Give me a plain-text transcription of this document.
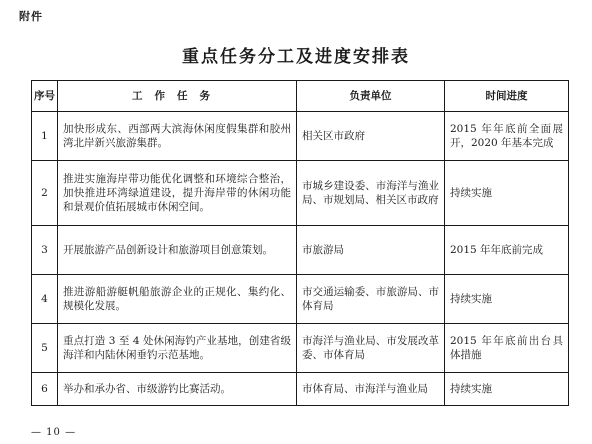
附件
重点任务分工及进度安排表
序号	工作任务	负责单位	时间进度
1	加快形成东、西部两大滨海休闲度假集群和胶州湾北岸新兴旅游集群。	相关区市政府	2015 年年底前全面展开，2020 年基本完成
2	推进实施海岸带功能优化调整和环境综合整治，加快推进环湾绿道建设，提升海岸带的休闲功能和景观价值拓展城市休闲空间。	市城乡建设委、市海洋与渔业局、市规划局、相关区市政府	持续实施
3	开展旅游产品创新设计和旅游项目创意策划。	市旅游局	2015 年年底前完成
4	推进游船游艇帆船旅游企业的正规化、集约化、规模化发展。	市交通运输委、市旅游局、市体育局	持续实施
5	重点打造 3 至 4 处休闲海钓产业基地，创建省级海洋和内陆休闲垂钓示范基地。	市海洋与渔业局、市发展改革委、市体育局	2015 年年底前出台具体措施
6	举办和承办省、市级游钓比赛活动。	市体育局、市海洋与渔业局	持续实施
— 10 —
